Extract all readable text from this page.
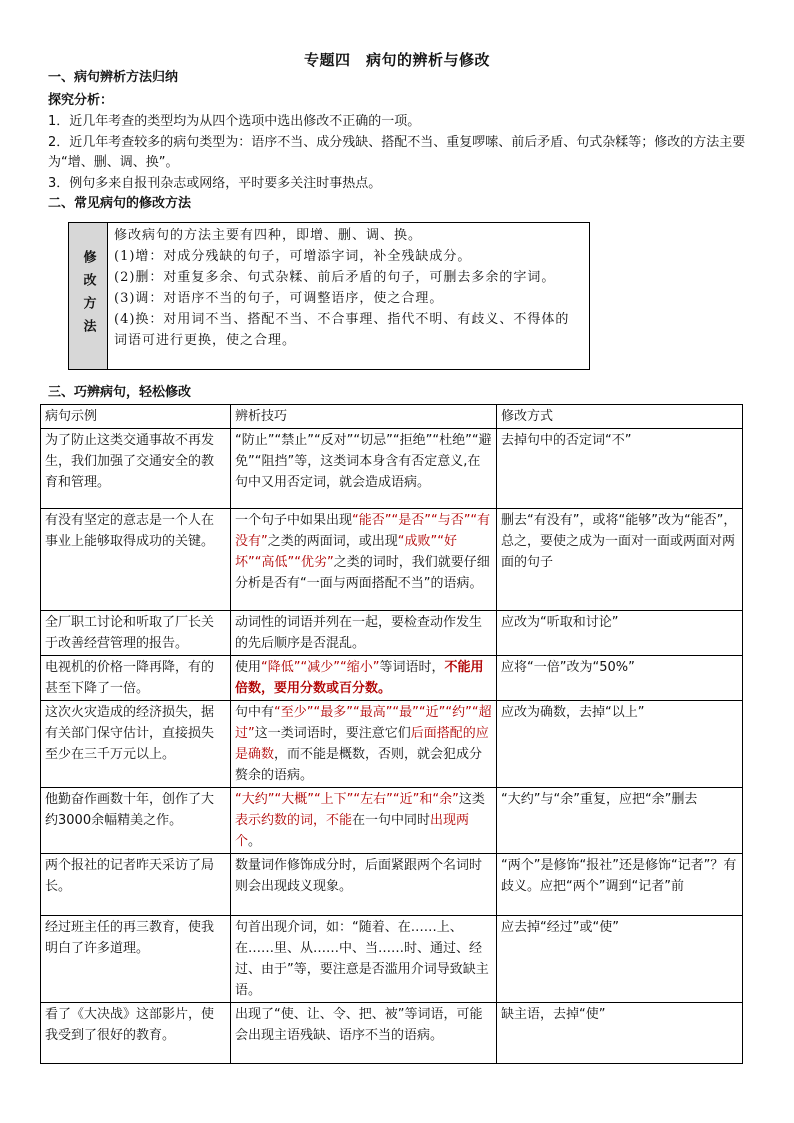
专题四　病句的辨析与修改
一、病句辨析方法归纳
探究分析：
1．近几年考查的类型均为从四个选项中选出修改不正确的一项。
2．近几年考查较多的病句类型为：语序不当、成分残缺、搭配不当、重复啰嗦、前后矛盾、句式杂糅等；修改的方法主要为“增、删、调、换”。
3．例句多来自报刊杂志或网络，平时要多关注时事热点。
二、常见病句的修改方法
修改方法
修改病句的方法主要有四种，即增、删、调、换。
(1)增：对成分残缺的句子，可增添字词，补全残缺成分。
(2)删：对重复多余、句式杂糅、前后矛盾的句子，可删去多余的字词。
(3)调：对语序不当的句子，可调整语序，使之合理。
(4)换：对用词不当、搭配不当、不合事理、指代不明、有歧义、不得体的词语可进行更换，使之合理。
三、巧辨病句，轻松修改
病句示例	辨析技巧	修改方式
为了防止这类交通事故不再发生，我们加强了交通安全的教育和管理。	“防止”“禁止”“反对”“切忌”“拒绝”“杜绝”“避免”“阻挡”等，这类词本身含有否定意义,在句中又用否定词，就会造成语病。	去掉句中的否定词“不”
有没有坚定的意志是一个人在事业上能够取得成功的关键。	一个句子中如果出现“能否”“是否”“与否”“有没有”之类的两面词，或出现“成败”“好坏”“高低”“优劣”之类的词时，我们就要仔细分析是否有“一面与两面搭配不当”的语病。	删去“有没有”，或将“能够”改为“能否”，总之，要使之成为一面对一面或两面对两面的句子
全厂职工讨论和听取了厂长关于改善经营管理的报告。	动词性的词语并列在一起，要检查动作发生的先后顺序是否混乱。	应改为“听取和讨论”
电视机的价格一降再降，有的甚至下降了一倍。	使用“降低”“减少”“缩小”等词语时，不能用倍数，要用分数或百分数。	应将“一倍”改为“50%”
这次火灾造成的经济损失，据有关部门保守估计，直接损失至少在三千万元以上。	句中有“至少”“最多”“最高”“最”“近”“约”“超过”这一类词语时，要注意它们后面搭配的应是确数，而不能是概数，否则，就会犯成分赘余的语病。	应改为确数，去掉“以上”
他勤奋作画数十年，创作了大约3000余幅精美之作。	“大约”“大概”“上下”“左右”“近”和“余”这类表示约数的词，不能在一句中同时出现两个。	“大约”与“余”重复，应把“余”删去
两个报社的记者昨天采访了局长。	数量词作修饰成分时，后面紧跟两个名词时则会出现歧义现象。	“两个”是修饰“报社”还是修饰“记者”？有歧义。应把“两个”调到“记者”前
经过班主任的再三教育，使我明白了许多道理。	句首出现介词，如：“随着、在……上、在……里、从……中、当……时、通过、经过、由于”等，要注意是否滥用介词导致缺主语。	应去掉“经过”或“使”
看了《大决战》这部影片，使我受到了很好的教育。	出现了“使、让、令、把、被”等词语，可能会出现主语残缺、语序不当的语病。	缺主语，去掉“使”
